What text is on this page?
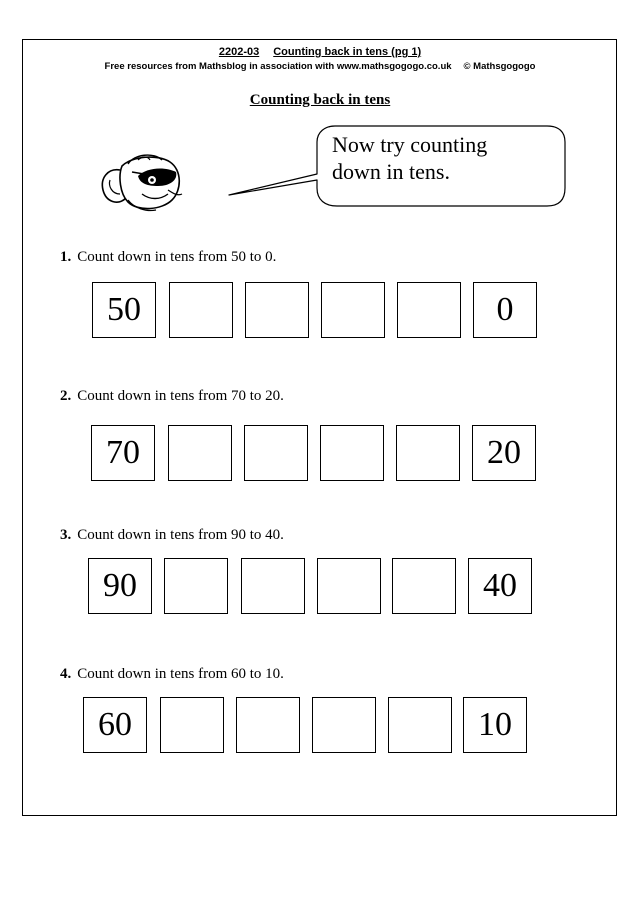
2202-03 Counting back in tens (pg 1)
Free resources from Mathsblog in association with www.mathsgogogo.co.uk © Mathsgogogo
Counting back in tens
Now try counting
down in tens.
1. Count down in tens from 50 to 0.
50	0
2. Count down in tens from 70 to 20.
70	20
3. Count down in tens from 90 to 40.
90	40
4. Count down in tens from 60 to 10.
60	10
